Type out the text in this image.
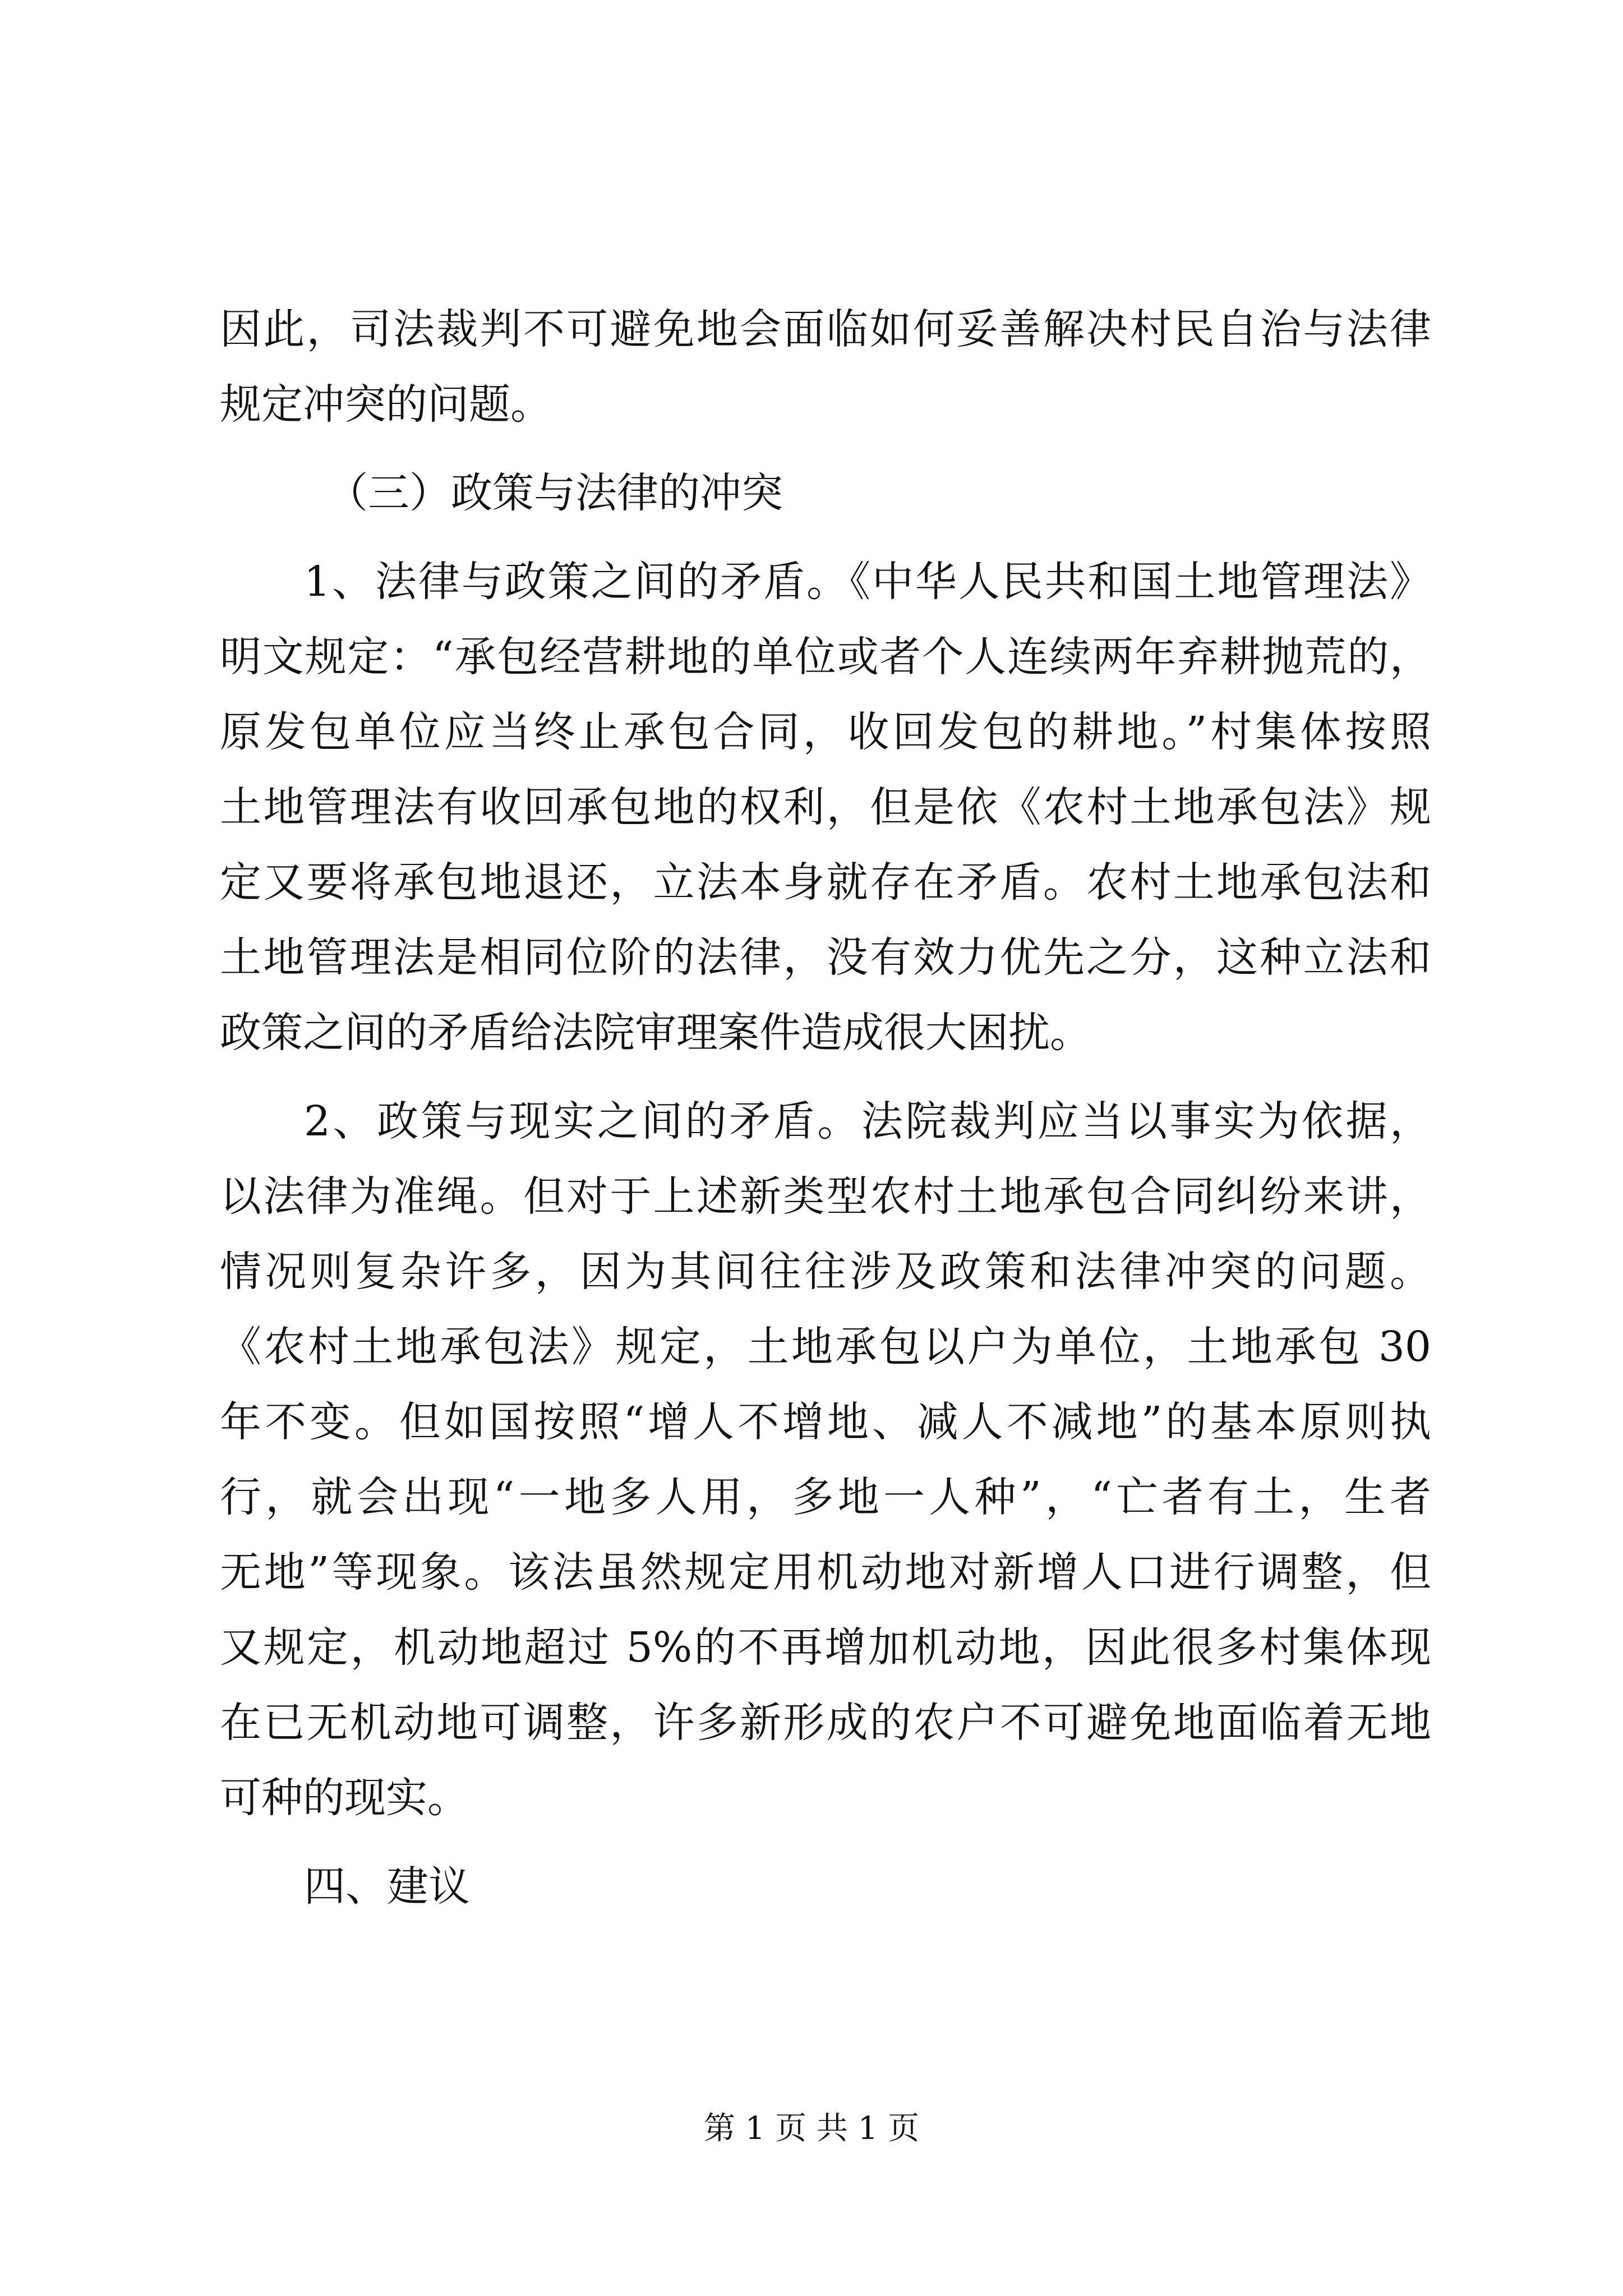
因此，司法裁判不可避免地会面临如何妥善解决村民自治与法律
规定冲突的问题。
（三）政策与法律的冲突
1、法律与政策之间的矛盾。《中华人民共和国土地管理法》
明文规定：“承包经营耕地的单位或者个人连续两年弃耕抛荒的，
原发包单位应当终止承包合同，收回发包的耕地。”村集体按照
土地管理法有收回承包地的权利，但是依《农村土地承包法》规
定又要将承包地退还，立法本身就存在矛盾。农村土地承包法和
土地管理法是相同位阶的法律，没有效力优先之分，这种立法和
政策之间的矛盾给法院审理案件造成很大困扰。
2、政策与现实之间的矛盾。法院裁判应当以事实为依据，
以法律为准绳。但对于上述新类型农村土地承包合同纠纷来讲，
情况则复杂许多，因为其间往往涉及政策和法律冲突的问题。
《农村土地承包法》规定，土地承包以户为单位，土地承包 30
年不变。但如国按照“增人不增地、减人不减地”的基本原则执
行，就会出现“一地多人用，多地一人种”，“亡者有土，生者
无地”等现象。该法虽然规定用机动地对新增人口进行调整，但
又规定，机动地超过 5%的不再增加机动地，因此很多村集体现
在已无机动地可调整，许多新形成的农户不可避免地面临着无地
可种的现实。
四、建议
第 1 页 共 1 页
